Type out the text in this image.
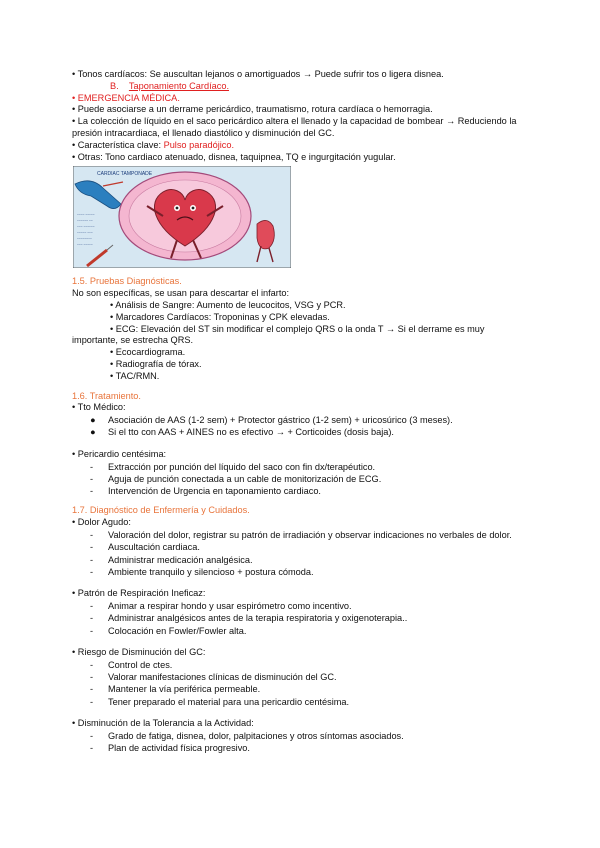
• Tonos cardíacos: Se auscultan lejanos o amortiguados → Puede sufrir tos o ligera disnea.

B. Taponamiento Cardíaco.

• EMERGENCIA MÉDICA.

• Puede asociarse a un derrame pericárdico, traumatismo, rotura cardíaca o hemorragia.

• La colección de líquido en el saco pericárdico altera el llenado y la capacidad de bombear → Reduciendo la

presión intracardiaca, el llenado diastólico y disminución del GC.

• Característica clave: Pulso paradójico.

• Otras: Tono cardiaco atenuado, disnea, taquipnea, TQ e ingurgitación yugular.

CARDIAC TAMPONADE
~~~~ ~~~~~
~~~~~~ ~~
~~~ ~~~~~~
~~~~~ ~~~
~~~~~~~~
~~~ ~~~~~

1.5. Pruebas Diagnósticas.

No son específicas, se usan para descartar el infarto:

• Análisis de Sangre: Aumento de leucocitos, VSG y PCR.

• Marcadores Cardíacos: Troponinas y CPK elevadas.

• ECG: Elevación del ST sin modificar el complejo QRS o la onda T → Si el derrame es muy

importante, se estrecha QRS.

• Ecocardiograma.

• Radiografía de tórax.

• TAC/RMN.

1.6. Tratamiento.

• Tto Médico:

●	Asociación de AAS (1-2 sem) + Protector gástrico (1-2 sem) + uricosúrico (3 meses).
●	Si el tto con AAS + AINES no es efectivo → + Corticoides (dosis baja).

• Pericardio centésima:

-	Extracción por punción del líquido del saco con fin dx/terapéutico.
-	Aguja de punción conectada a un cable de monitorización de ECG.
-	Intervención de Urgencia en taponamiento cardiaco.

1.7. Diagnóstico de Enfermería y Cuidados.

• Dolor Agudo:

-	Valoración del dolor, registrar su patrón de irradiación y observar indicaciones no verbales de dolor.
-	Auscultación cardiaca.
-	Administrar medicación analgésica.
-	Ambiente tranquilo y silencioso + postura cómoda.

• Patrón de Respiración Ineficaz:

-	Animar a respirar hondo y usar espirómetro como incentivo.
-	Administrar analgésicos antes de la terapia respiratoria y oxigenoterapia..
-	Colocación en Fowler/Fowler alta.

• Riesgo de Disminución del GC:

-	Control de ctes.
-	Valorar manifestaciones clínicas de disminución del GC.
-	Mantener la vía periférica permeable.
-	Tener preparado el material para una pericardio centésima.

• Disminución de la Tolerancia a la Actividad:

-	Grado de fatiga, disnea, dolor, palpitaciones y otros síntomas asociados.
-	Plan de actividad física progresivo.
